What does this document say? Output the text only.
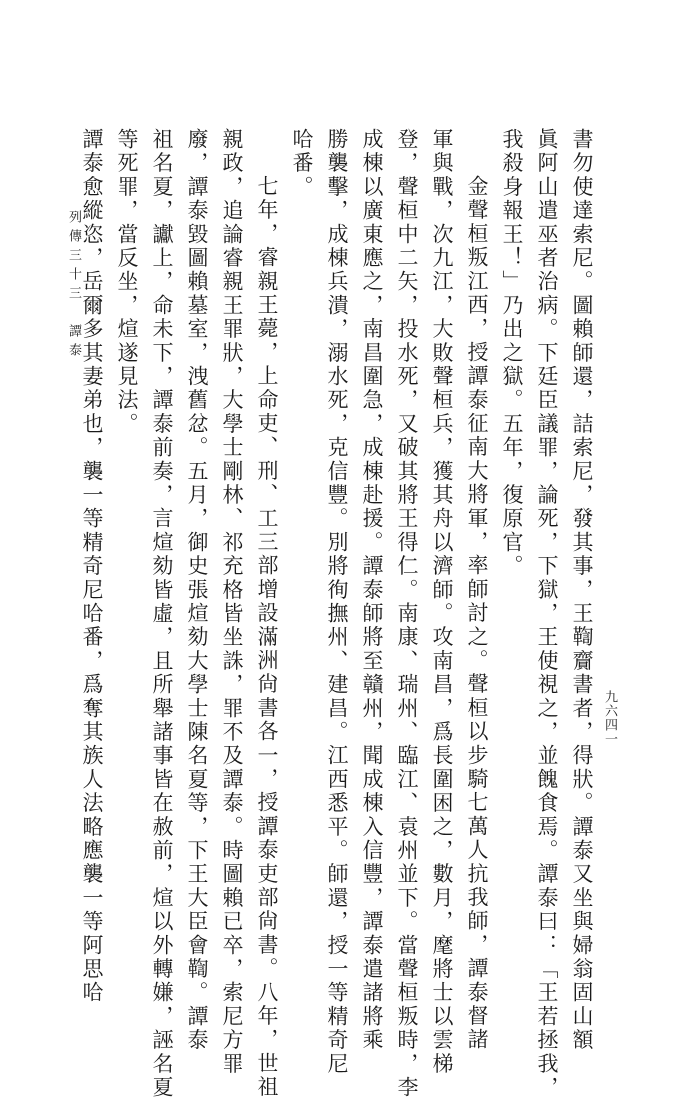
書勿使達索尼。圖賴師還，詰索尼，發其事，王鞫齎書者，得狀。譚泰又坐與婦翁固山額
眞阿山遣巫者治病。下廷臣議罪，論死，下獄，王使視之，並餽食焉。譚泰曰：「王若拯我，
我殺身報王！」乃出之獄。五年，復原官。
金聲桓叛江西，授譚泰征南大將軍，率師討之。聲桓以步騎七萬人抗我師，譚泰督諸
軍與戰，次九江，大敗聲桓兵，獲其舟以濟師。攻南昌，爲長圍困之，數月，麾將士以雲梯
登，聲桓中二矢，投水死，又破其將王得仁。南康、瑞州、臨江、袁州並下。當聲桓叛時，李
成棟以廣東應之，南昌圍急，成棟赴援。譚泰師將至贛州，聞成棟入信豐，譚泰遣諸將乘
勝襲擊，成棟兵潰，溺水死，克信豐。別將徇撫州、建昌。江西悉平。師還，授一等精奇尼
哈番。
七年，睿親王薨，上命吏、刑、工三部增設滿洲尙書各一，授譚泰吏部尙書。八年，世祖
親政，追論睿親王罪狀，大學士剛林、祁充格皆坐誅，罪不及譚泰。時圖賴已卒，索尼方罪
廢，譚泰毀圖賴墓室，洩舊忿。五月，御史張煊劾大學士陳名夏等，下王大臣會鞫。譚泰
祖名夏，讞上，命未下，譚泰前奏，言煊劾皆虛，且所舉諸事皆在赦前，煊以外轉嫌，誣名夏
等死罪，當反坐，煊遂見法。
譚泰愈縱恣，岳爾多其妻弟也，襲一等精奇尼哈番，爲奪其族人法略應襲一等阿思哈
列傳三十三　譚泰
九六四一
